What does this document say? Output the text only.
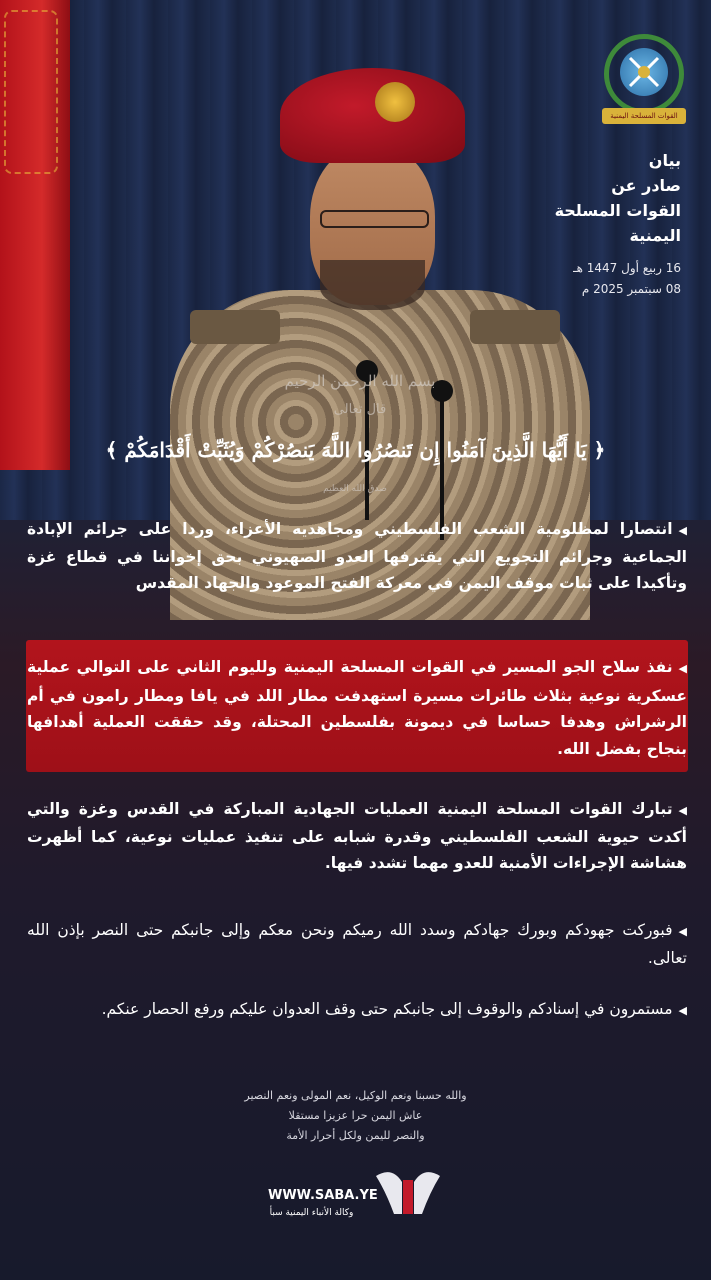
القوات المسلحة اليمنية
بيان
صادر عن
القوات المسلحة
اليمنية
16 ربيع أول 1447 هـ
08 سبتمبر 2025 م
بسم الله الرحمن الرحيم
قال تعالى
﴿ يَا أَيُّهَا الَّذِينَ آمَنُوا إِن تَنصُرُوا اللَّهَ يَنصُرْكُمْ وَيُثَبِّتْ أَقْدَامَكُمْ ﴾
صدق الله العظيم
◀انتصارا لمظلومية الشعب الفلسطيني ومجاهديه الأعزاء، وردا على جرائم الإبادة الجماعية وجرائم التجويع التي يقترفها العدو الصهيوني بحق إخواننا في قطاع غزة وتأكيدا على ثبات موقف اليمن في معركة الفتح الموعود والجهاد المقدس
◀نفذ سلاح الجو المسير في القوات المسلحة اليمنية ولليوم الثاني على التوالي عملية عسكرية نوعية بثلاث طائرات مسيرة استهدفت مطار اللد في يافا ومطار رامون في أم الرشراش وهدفا حساسا في ديمونة بفلسطين المحتلة، وقد حققت العملية أهدافها بنجاح بفضل الله.
◀تبارك القوات المسلحة اليمنية العمليات الجهادية المباركة في القدس وغزة والتي أكدت حيوية الشعب الفلسطيني وقدرة شبابه على تنفيذ عمليات نوعية، كما أظهرت هشاشة الإجراءات الأمنية للعدو مهما تشدد فيها.
◀فبوركت جهودكم وبورك جهادكم وسدد الله رميكم ونحن معكم وإلى جانبكم حتى النصر بإذن الله تعالى.
◀مستمرون في إسنادكم والوقوف إلى جانبكم حتى وقف العدوان عليكم ورفع الحصار عنكم.
والله حسبنا ونعم الوكيل، نعم المولى ونعم النصير
عاش اليمن حرا عزيزا مستقلا
والنصر لليمن ولكل أحرار الأمة
WWW.SABA.YE
وكالة الأنباء اليمنية سبأ
